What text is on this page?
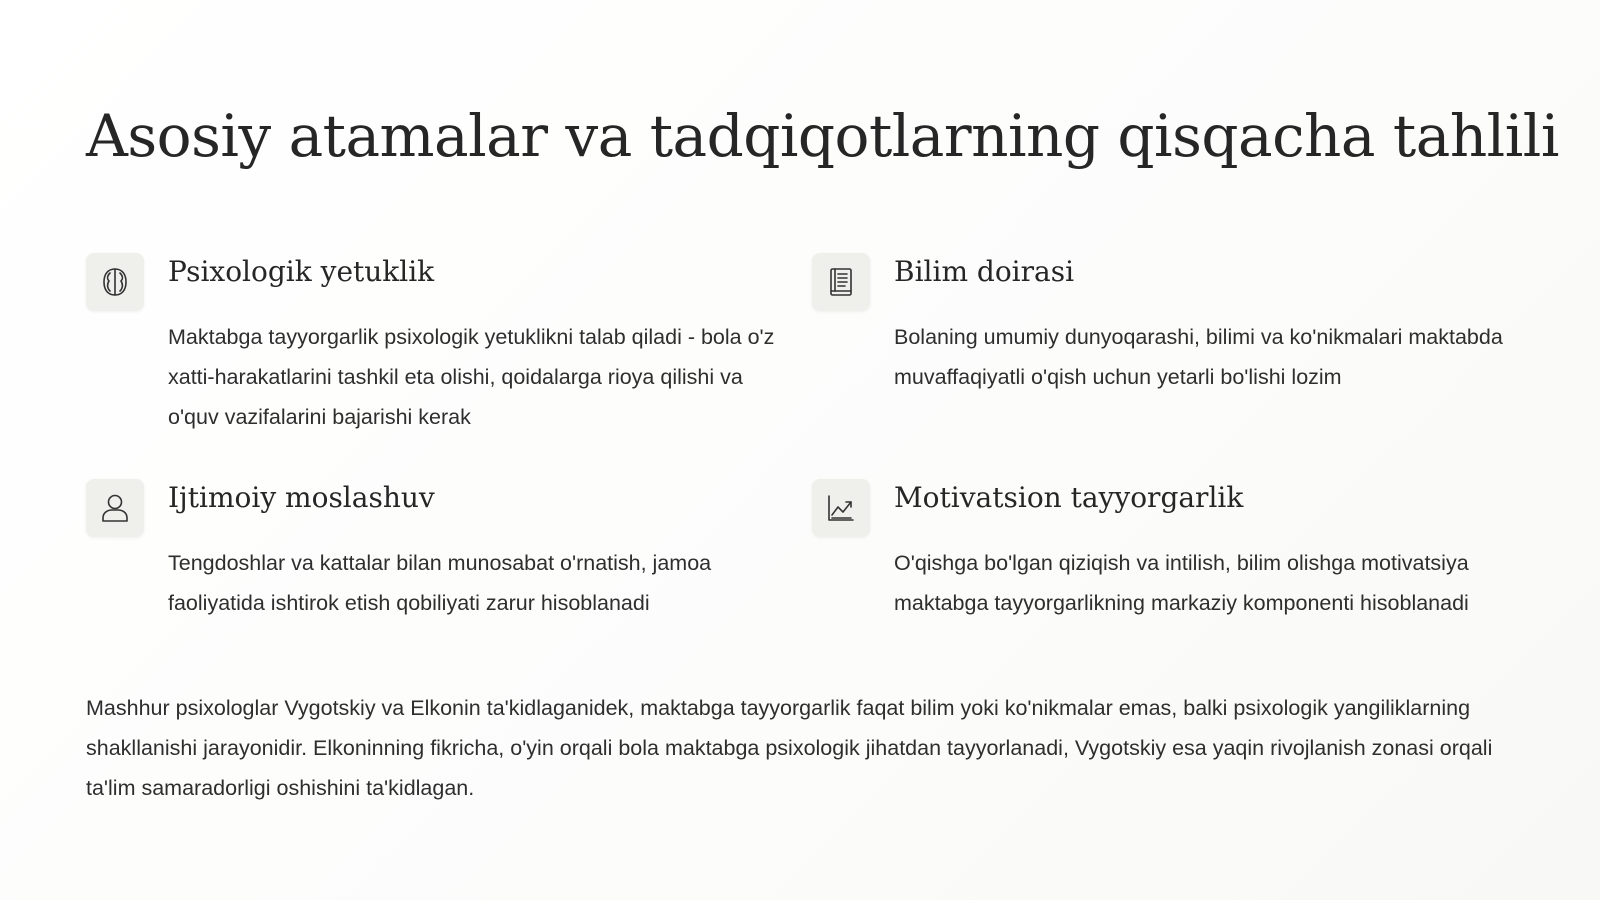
Asosiy atamalar va tadqiqotlarning qisqacha tahlili
Psixologik yetuklik

Maktabga tayyorgarlik psixologik yetuklikni talab qiladi - bola o'z xatti-harakatlarini tashkil eta olishi, qoidalarga rioya qilishi va o'quv vazifalarini bajarishi kerak

Bilim doirasi

Bolaning umumiy dunyoqarashi, bilimi va ko'nikmalari maktabda muvaffaqiyatli o'qish uchun yetarli bo'lishi lozim

Ijtimoiy moslashuv

Tengdoshlar va kattalar bilan munosabat o'rnatish, jamoa faoliyatida ishtirok etish qobiliyati zarur hisoblanadi

Motivatsion tayyorgarlik

O'qishga bo'lgan qiziqish va intilish, bilim olishga motivatsiya maktabga tayyorgarlikning markaziy komponenti hisoblanadi

Mashhur psixologlar Vygotskiy va Elkonin ta'kidlaganidek, maktabga tayyorgarlik faqat bilim yoki ko'nikmalar emas, balki psixologik yangiliklarning shakllanishi jarayonidir. Elkoninning fikricha, o'yin orqali bola maktabga psixologik jihatdan tayyorlanadi, Vygotskiy esa yaqin rivojlanish zonasi orqali ta'lim samaradorligi oshishini ta'kidlagan.
